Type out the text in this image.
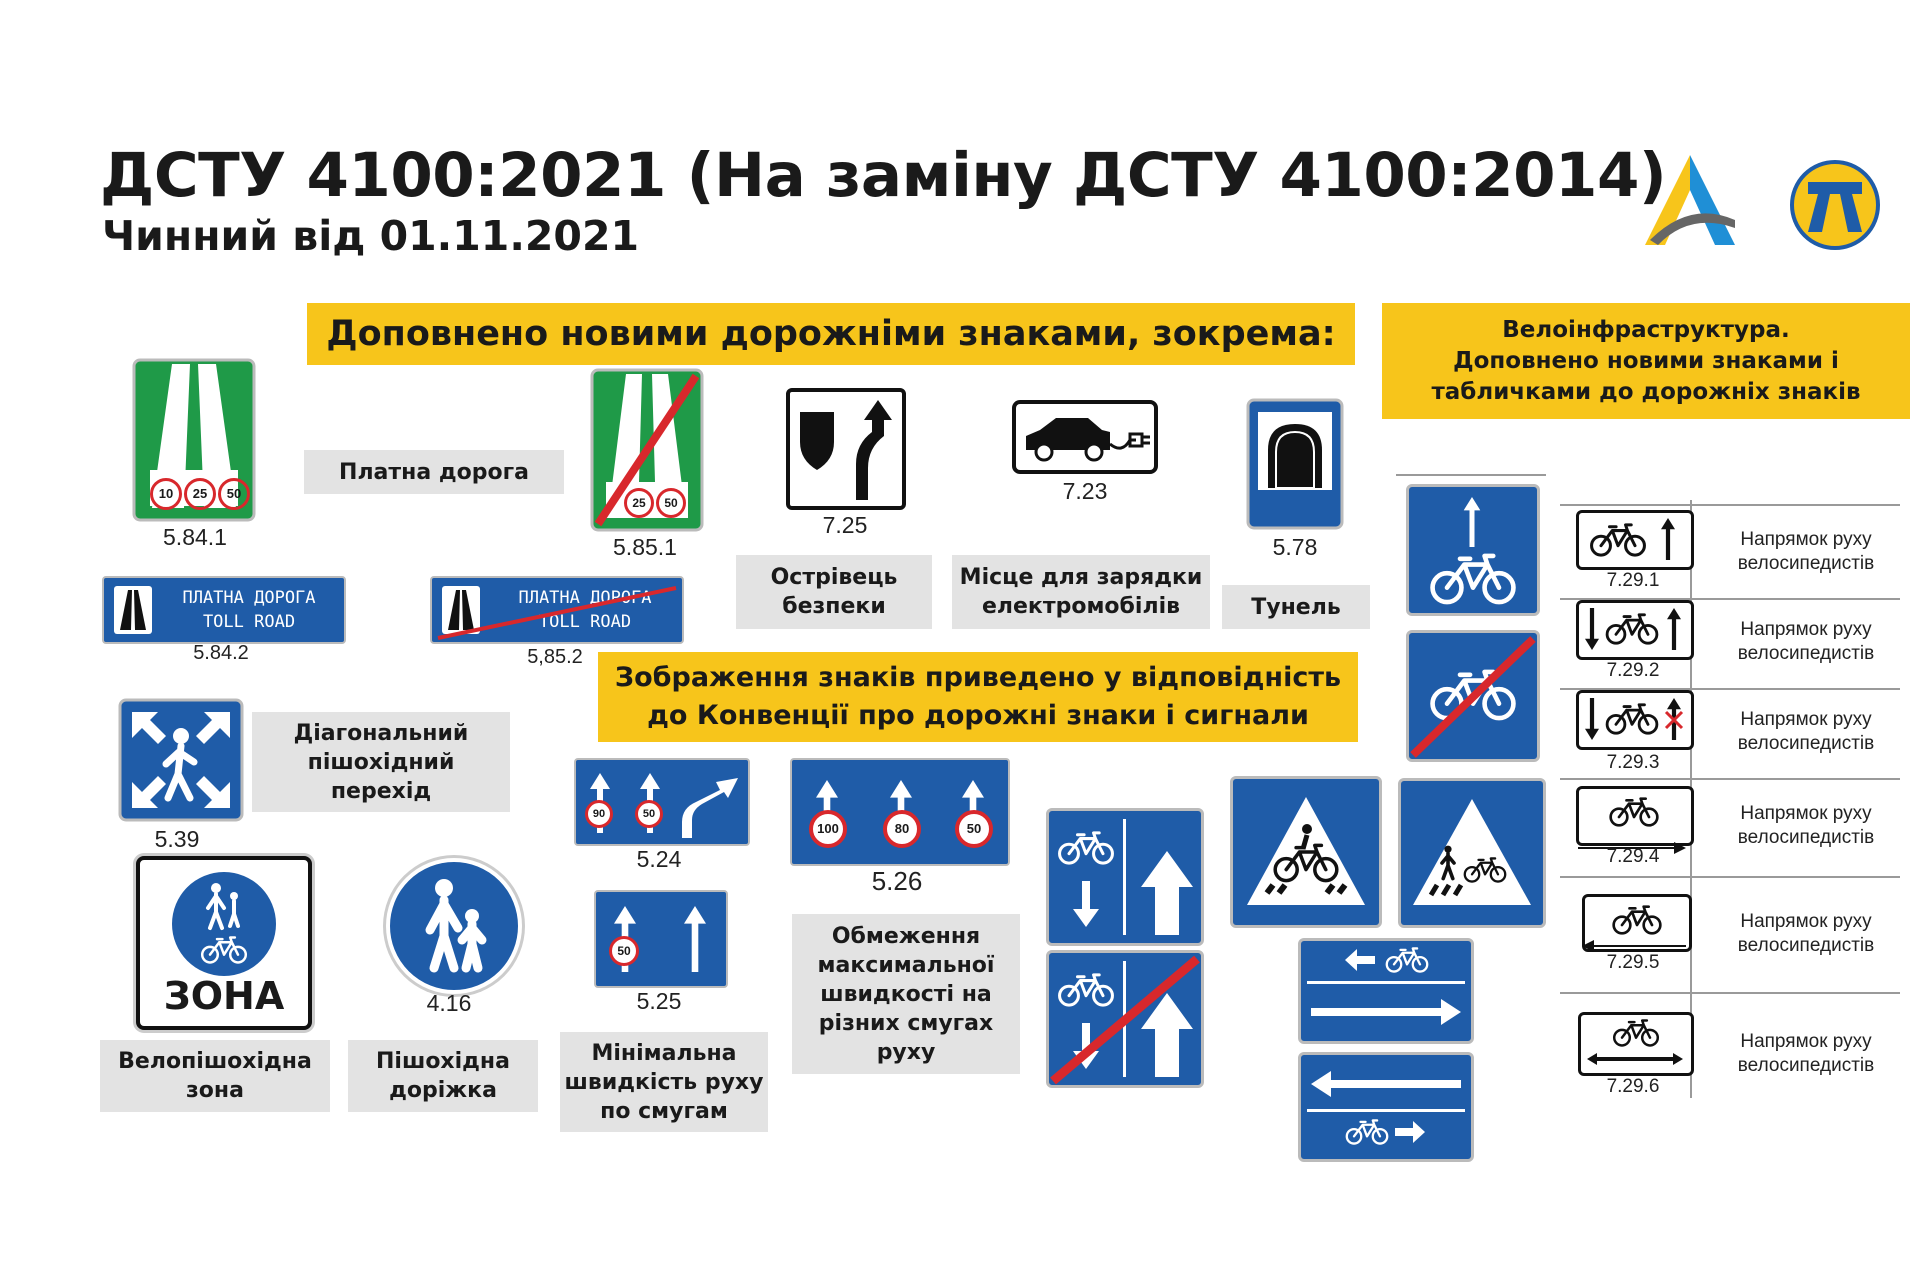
ДСТУ 4100:2021 (На заміну ДСТУ 4100:2014)
Чинний від 01.11.2021
Доповнено новими дорожніми знаками, зокрема:	Велоінфраструктура.
Доповнено новими знаками і
табличками до дорожніх знаків
Зображення знаків приведено у відповідність
до Конвенції про дорожні знаки і сигнали
Платна дорога
Острівець
безпеки
Місце для зарядки
електромобілів	Тунель
Діагональний
пішохідний
перехід
Велопішохідна
зона
Пішохідна
доріжка
Мінімальна
швидкість руху
по смугам
Обмеження
максимальної
швидкості на
різних смугах
руху
10	25	50
5.84.1
25	50
5.85.1
ПЛАТНА ДОРОГА
TOLL ROAD
5.84.2
ПЛАТНА ДОРОГА
TOLL ROAD
5,85.2
7.25
7.23
5.78
5.39
ЗОНА	4.16
90	50
5.24
50
5.25
100	80	50
5.26
7.29.1
Напрямок руху
велосипедистів
7.29.2
Напрямок руху
велосипедистів
7.29.3
Напрямок руху
велосипедистів
7.29.4
Напрямок руху
велосипедистів
7.29.5
Напрямок руху
велосипедистів
7.29.6
Напрямок руху
велосипедистів
